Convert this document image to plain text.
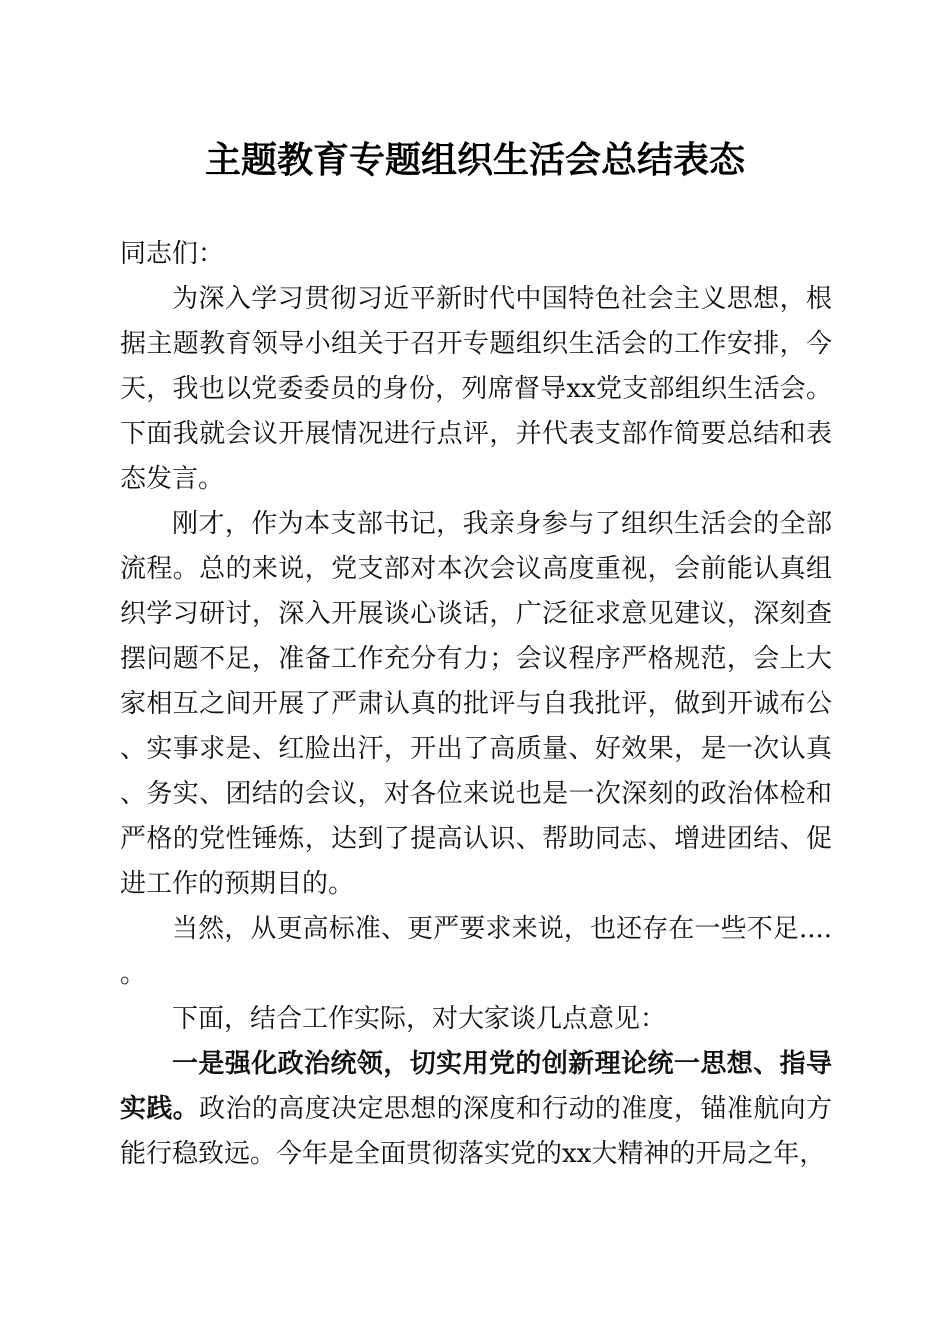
主题教育专题组织生活会总结表态

同志们：

为深入学习贯彻习近平新时代中国特色社会主义思想，根据主题教育领导小组关于召开专题组织生活会的工作安排，今天，我也以党委委员的身份，列席督导xx党支部组织生活会。下面我就会议开展情况进行点评，并代表支部作简要总结和表态发言。

刚才，作为本支部书记，我亲身参与了组织生活会的全部流程。总的来说，党支部对本次会议高度重视，会前能认真组织学习研讨，深入开展谈心谈话，广泛征求意见建议，深刻查摆问题不足，准备工作充分有力；会议程序严格规范，会上大家相互之间开展了严肃认真的批评与自我批评，做到开诚布公、实事求是、红脸出汗，开出了高质量、好效果，是一次认真、务实、团结的会议，对各位来说也是一次深刻的政治体检和严格的党性锤炼，达到了提高认识、帮助同志、增进团结、促进工作的预期目的。

当然，从更高标准、更严要求来说，也还存在一些不足....。

下面，结合工作实际，对大家谈几点意见：

一是强化政治统领，切实用党的创新理论统一思想、指导实践。政治的高度决定思想的深度和行动的准度，锚准航向方能行稳致远。今年是全面贯彻落实党的xx大精神的开局之年，
